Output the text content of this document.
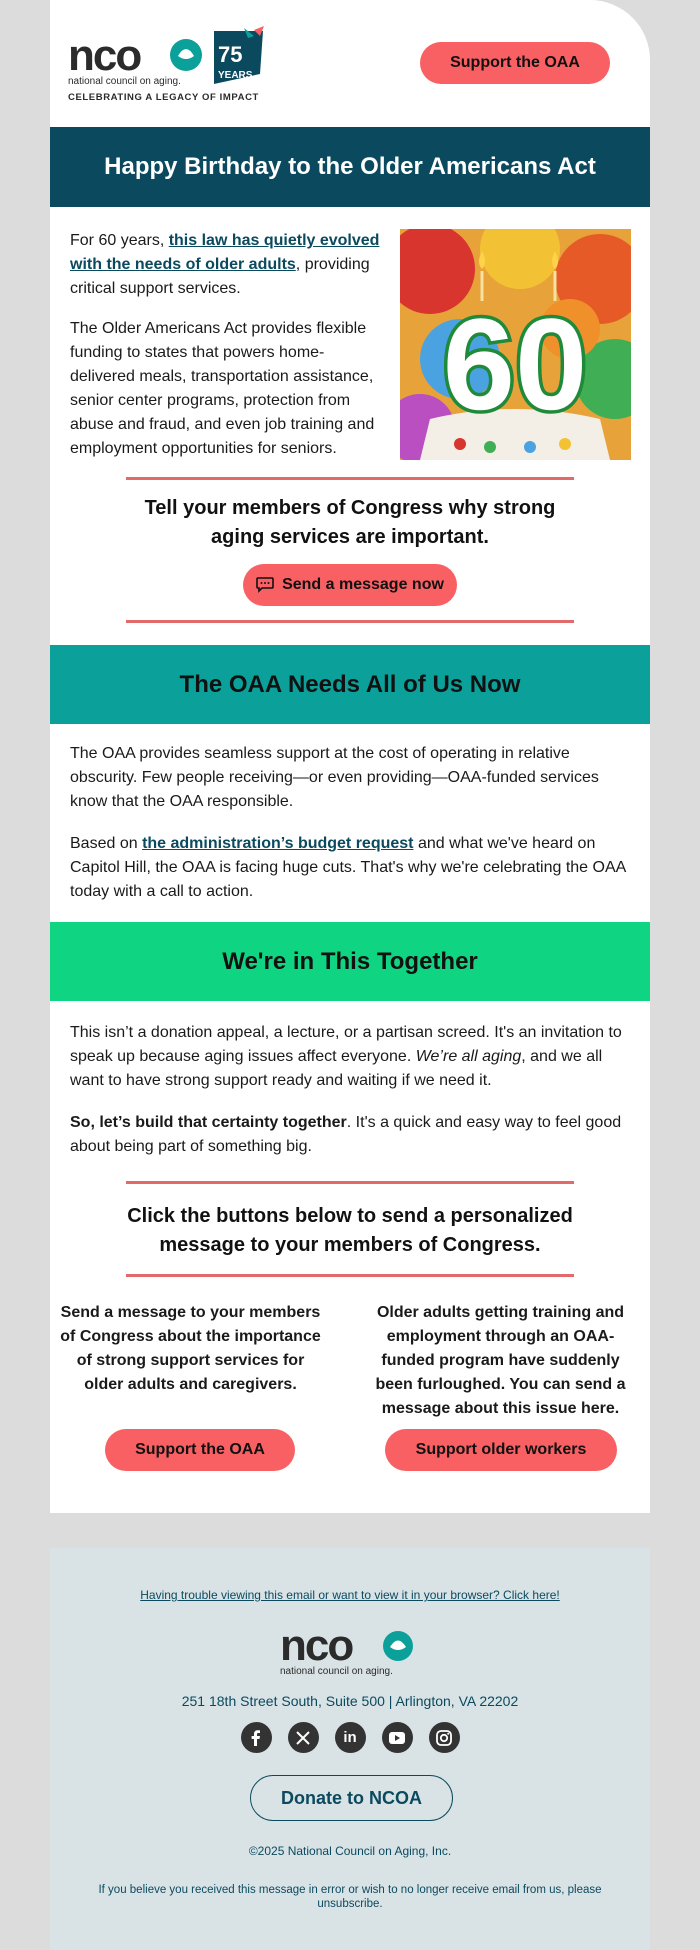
nco
national council on aging.
75
YEARS
CELEBRATING A LEGACY OF IMPACT
Support the OAA
Happy Birthday to the Older Americans Act

For 60 years, this law has quietly evolved with the needs of older adults, providing critical support services.

The Older Americans Act provides flexible funding to states that powers home-delivered meals, transportation assistance, senior center programs, protection from abuse and fraud, and even job training and employment opportunities for seniors.

60
Tell your members of Congress why strong
aging services are important.
Send a message now
The OAA Needs All of Us Now

The OAA provides seamless support at the cost of operating in relative obscurity. Few people receiving—or even providing—OAA-funded services know that the OAA responsible.

Based on the administration’s budget request and what we've heard on Capitol Hill, the OAA is facing huge cuts. That's why we're celebrating the OAA today with a call to action.

We're in This Together

This isn’t a donation appeal, a lecture, or a partisan screed. It's an invitation to speak up because aging issues affect everyone. We’re all aging, and we all want to have strong support ready and waiting if we need it.

So, let’s build that certainty together. It's a quick and easy way to feel good about being part of something big.

Click the buttons below to send a personalized
message to your members of Congress.
Send a message to your members of Congress about the importance of strong support services for older adults and caregivers.
Support the OAA
Older adults getting training and employment through an OAA-funded program have suddenly been furloughed. You can send a message about this issue here.
Support older workers
Having trouble viewing this email or want to view it in your browser? Click here!
nco
national council on aging.
251 18th Street South, Suite 500 | Arlington, VA 22202
in
Donate to NCOA
©2025 National Council on Aging, Inc.
If you believe you received this message in error or wish to no longer receive email from us, please unsubscribe.
